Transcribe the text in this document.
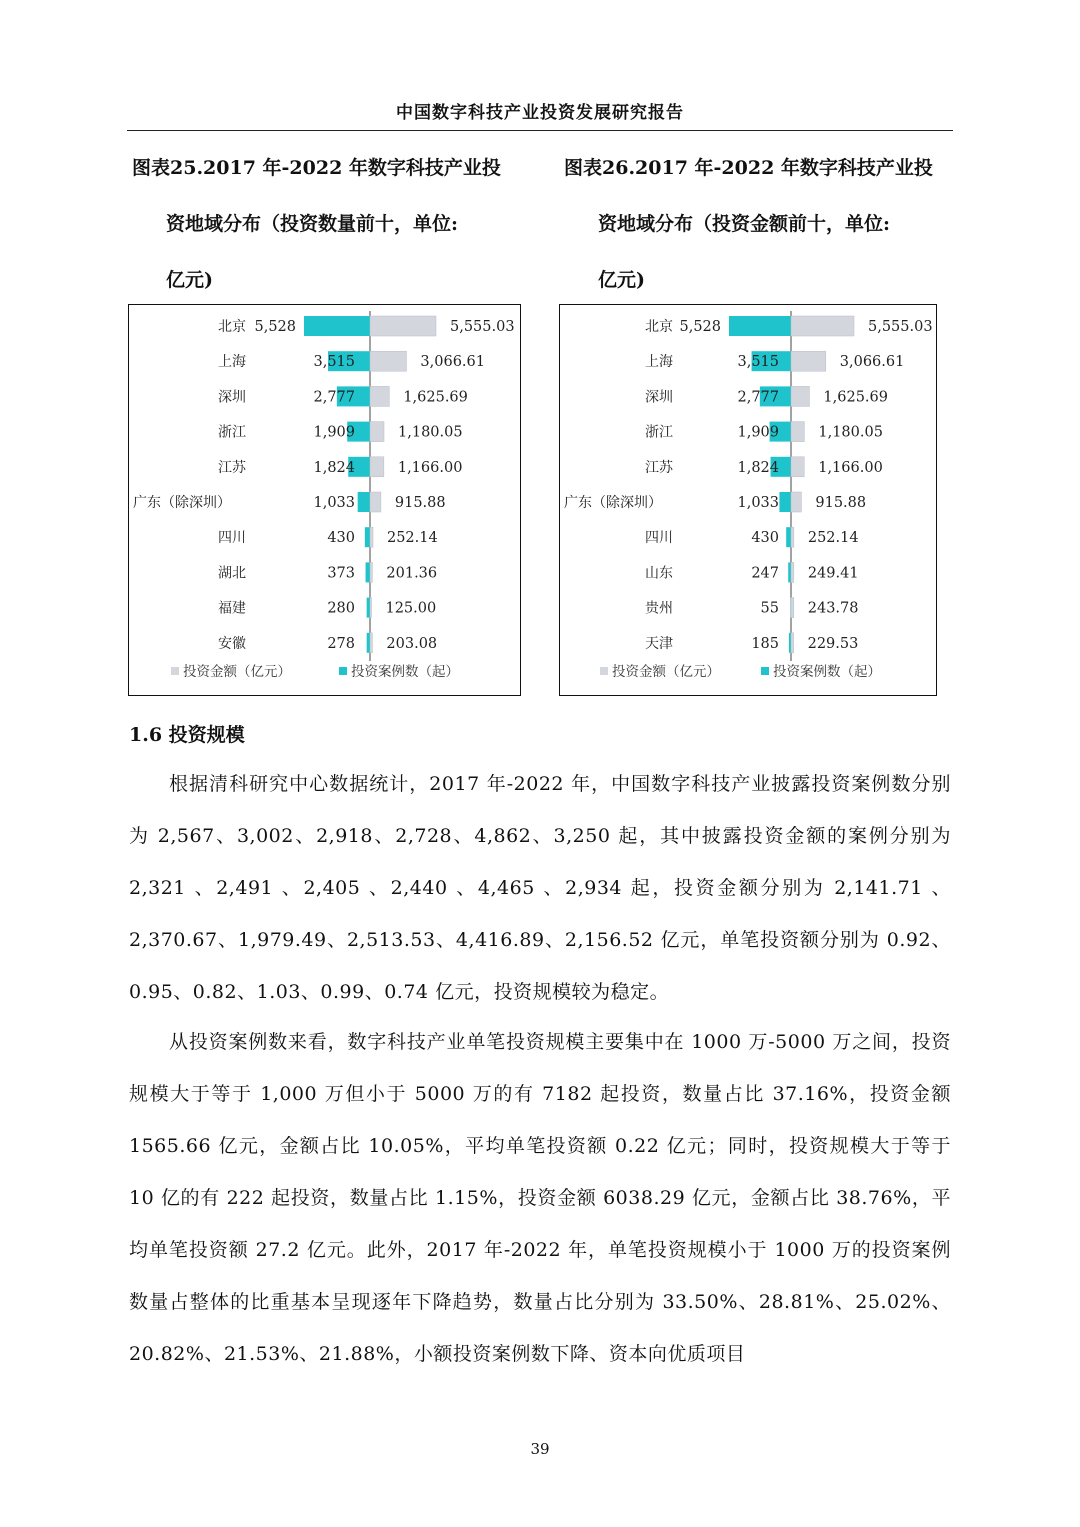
中国数字科技产业投资发展研究报告
图表25.2017 年-2022 年数字科技产业投
资地域分布（投资数量前十，单位:
亿元)
图表26.2017 年-2022 年数字科技产业投
资地域分布（投资金额前十，单位:
亿元)
北京 5,528	5,555.03
上海	3,515	3,066.61
深圳	2,777	1,625.69
浙江	1,909	1,180.05
江苏	1,824	1,166.00
广东（除深圳）	1,033	915.88
四川	430 252.14
湖北	373 201.36
福建	280 125.00
安徽	278 203.08
投资金额（亿元）	投资案例数（起）
北京 5,528	5,555.03
上海	3,515	3,066.61
深圳	2,777	1,625.69
浙江	1,909	1,180.05
江苏	1,824	1,166.00
广东（除深圳）	1,033	915.88
四川	430 252.14
山东	247 249.41
贵州	55 243.78
天津	185 229.53
投资金额（亿元）	投资案例数（起）
1.6 投资规模
根据清科研究中心数据统计，2017 年-2022 年，中国数字科技产业披露投资案例数分别为 2,567、3,002、2,918、2,728、4,862、3,250 起，其中披露投资金额的案例分别为 2,321 、2,491 、2,405 、2,440 、4,465 、2,934 起，投资金额分别为 2,141.71 、2,370.67、1,979.49、2,513.53、4,416.89、2,156.52 亿元，单笔投资额分别为 0.92、0.95、0.82、1.03、0.99、0.74 亿元，投资规模较为稳定。
从投资案例数来看，数字科技产业单笔投资规模主要集中在 1000 万-5000 万之间，投资规模大于等于 1,000 万但小于 5000 万的有 7182 起投资，数量占比 37.16%，投资金额 1565.66 亿元，金额占比 10.05%，平均单笔投资额 0.22 亿元；同时，投资规模大于等于 10 亿的有 222 起投资，数量占比 1.15%，投资金额 6038.29 亿元，金额占比 38.76%，平均单笔投资额 27.2 亿元。此外，2017 年-2022 年，单笔投资规模小于 1000 万的投资案例数量占整体的比重基本呈现逐年下降趋势，数量占比分别为 33.50%、28.81%、25.02%、20.82%、21.53%、21.88%，小额投资案例数下降、资本向优质项目
39
